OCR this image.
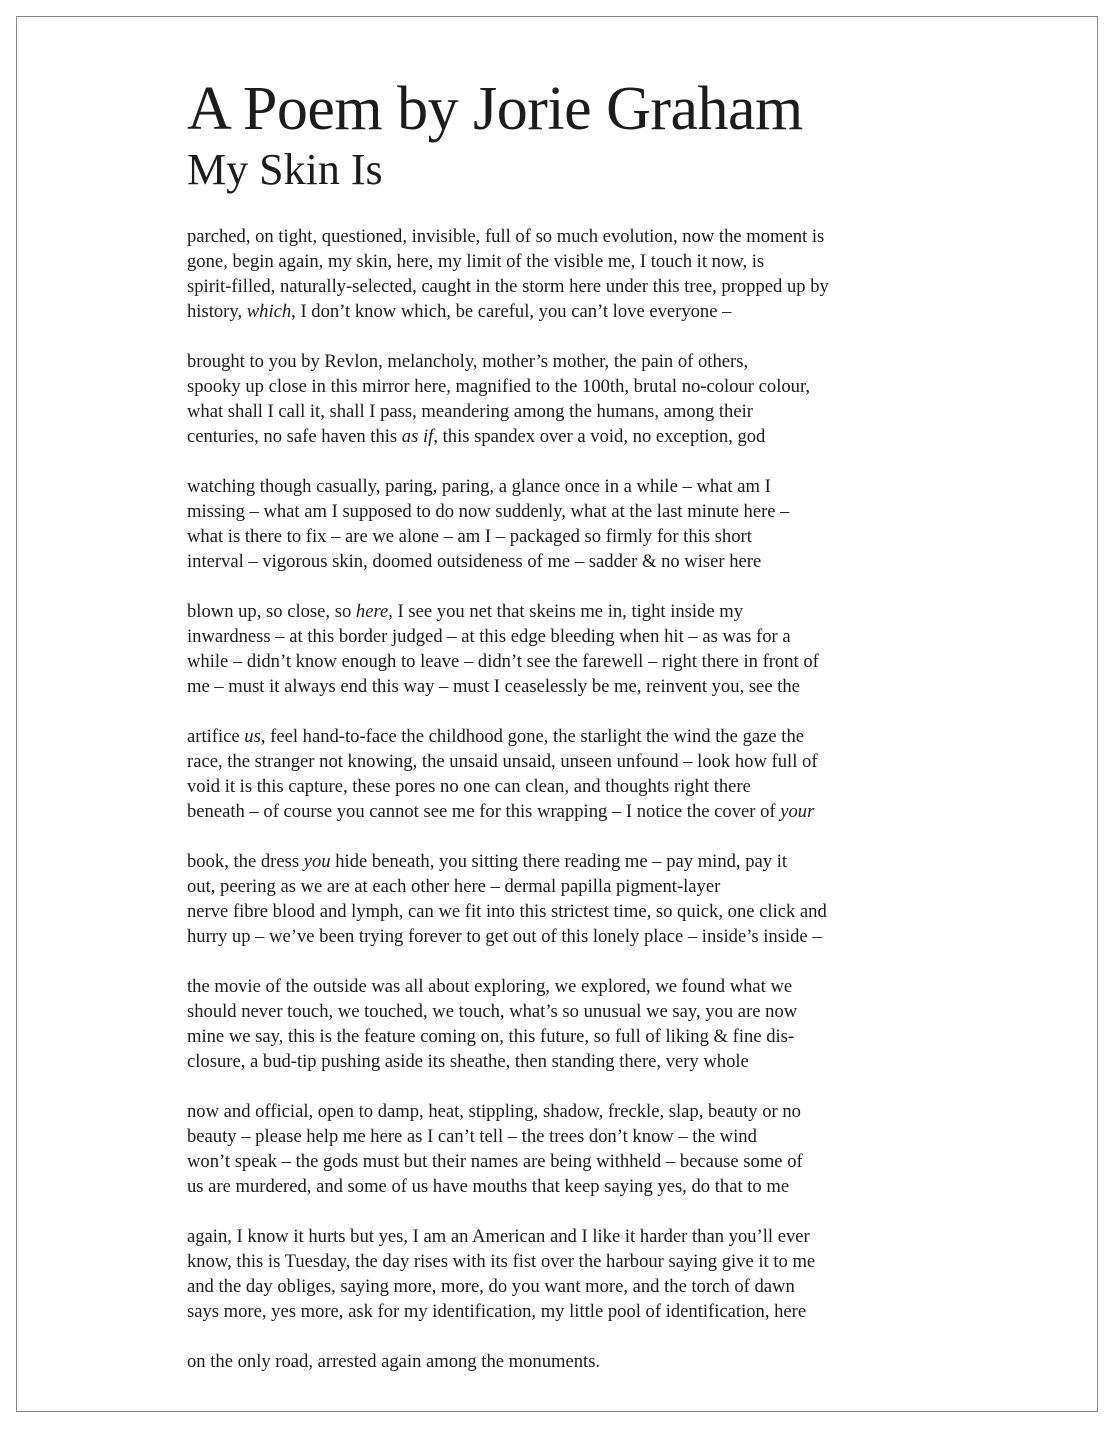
A Poem by Jorie Graham
My Skin Is
parched, on tight, questioned, invisible, full of so much evolution, now the moment is
gone, begin again, my skin, here, my limit of the visible me, I touch it now, is
spirit-filled, naturally-selected, caught in the storm here under this tree, propped up by
history, which, I don’t know which, be careful, you can’t love everyone –
brought to you by Revlon, melancholy, mother’s mother, the pain of others,
spooky up close in this mirror here, magnified to the 100th, brutal no-colour colour,
what shall I call it, shall I pass, meandering among the humans, among their
centuries, no safe haven this as if, this spandex over a void, no exception, god
watching though casually, paring, paring, a glance once in a while – what am I
missing – what am I supposed to do now suddenly, what at the last minute here –
what is there to fix – are we alone – am I – packaged so firmly for this short
interval – vigorous skin, doomed outsideness of me – sadder & no wiser here
blown up, so close, so here, I see you net that skeins me in, tight inside my
inwardness – at this border judged – at this edge bleeding when hit – as was for a
while – didn’t know enough to leave – didn’t see the farewell – right there in front of
me – must it always end this way – must I ceaselessly be me, reinvent you, see the
artifice us, feel hand-to-face the childhood gone, the starlight the wind the gaze the
race, the stranger not knowing, the unsaid unsaid, unseen unfound – look how full of
void it is this capture, these pores no one can clean, and thoughts right there
beneath – of course you cannot see me for this wrapping – I notice the cover of your
book, the dress you hide beneath, you sitting there reading me – pay mind, pay it
out, peering as we are at each other here – dermal papilla pigment-layer
nerve fibre blood and lymph, can we fit into this strictest time, so quick, one click and
hurry up – we’ve been trying forever to get out of this lonely place – inside’s inside –
the movie of the outside was all about exploring, we explored, we found what we
should never touch, we touched, we touch, what’s so unusual we say, you are now
mine we say, this is the feature coming on, this future, so full of liking & fine dis-
closure, a bud-tip pushing aside its sheathe, then standing there, very whole
now and official, open to damp, heat, stippling, shadow, freckle, slap, beauty or no
beauty – please help me here as I can’t tell – the trees don’t know – the wind
won’t speak – the gods must but their names are being withheld – because some of
us are murdered, and some of us have mouths that keep saying yes, do that to me
again, I know it hurts but yes, I am an American and I like it harder than you’ll ever
know, this is Tuesday, the day rises with its fist over the harbour saying give it to me
and the day obliges, saying more, more, do you want more, and the torch of dawn
says more, yes more, ask for my identification, my little pool of identification, here
on the only road, arrested again among the monuments.
